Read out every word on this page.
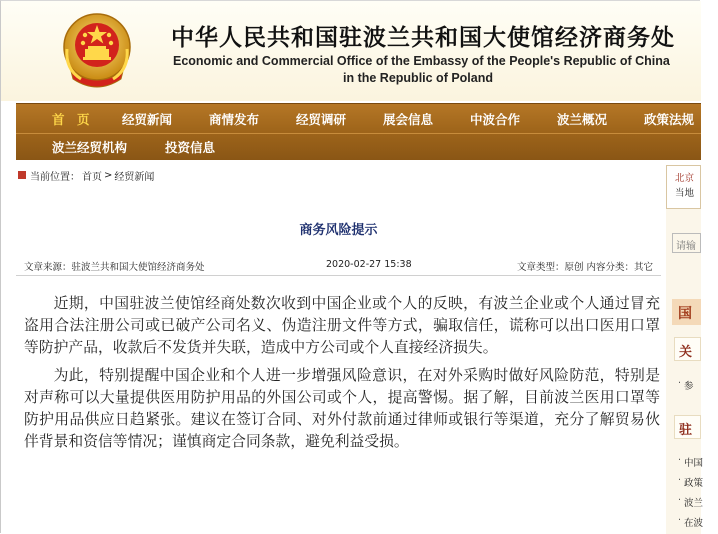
中华人民共和国驻波兰共和国大使馆经济商务处
Economic and Commercial Office of the Embassy of the People's Republic of China
in the Republic of Poland
首　页	经贸新闻	商情发布	经贸调研	展会信息	中波合作	波兰概况	政策法规
波兰经贸机构	投资信息
当前位置： 首页 > 经贸新闻
商务风险提示
文章来源：驻波兰共和国大使馆经济商务处	2020-02-27 15:38	文章类型：原创 内容分类：其它

近期，中国驻波兰使馆经商处数次收到中国企业或个人的反映，有波兰企业或个人通过冒充盗用合法注册公司或已破产公司名义、伪造注册文件等方式，骗取信任，谎称可以出口医用口罩等防护产品，收款后不发货并失联，造成中方公司或个人直接经济损失。

为此，特别提醒中国企业和个人进一步增强风险意识，在对外采购时做好风险防范，特别是对声称可以大量提供医用防护用品的外国公司或个人，提高警惕。据了解，目前波兰医用口罩等防护用品供应日趋紧张。建议在签订合同、对外付款前通过律师或银行等渠道，充分了解贸易伙伴背景和资信等情况；谨慎商定合同条款，避免利益受损。

北京
当地
请输
国
关
· 参
驻
· 中国
· 政策
· 波兰
· 在波
